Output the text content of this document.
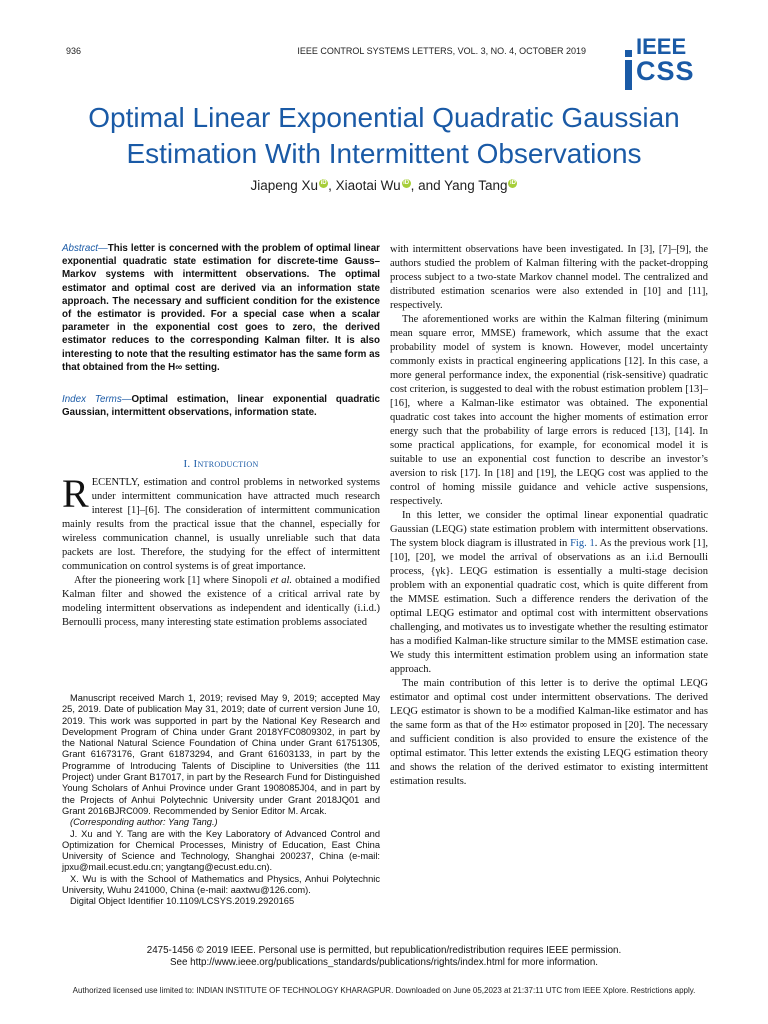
936	IEEE CONTROL SYSTEMS LETTERS, VOL. 3, NO. 4, OCTOBER 2019 IEEE
CSS
Optimal Linear Exponential Quadratic Gaussian
Estimation With Intermittent Observations
Jiapeng Xu iD , Xiaotai Wu iD , and Yang Tang iD
Abstract—This letter is concerned with the problem of optimal linear exponential quadratic state estimation for discrete-time Gauss–Markov systems with intermittent observations. The optimal estimator and optimal cost are derived via an information state approach. The necessary and sufficient condition for the existence of the estimator is provided. For a special case when a scalar parameter in the exponential cost goes to zero, the derived estimator reduces to the corresponding Kalman filter. It is also interesting to note that the resulting estimator has the same form as that obtained from the H∞ setting.
Index Terms—Optimal estimation, linear exponential quadratic Gaussian, intermittent observations, information state.
I. Introduction

RECENTLY, estimation and control problems in networked systems under intermittent communication have attracted much research interest [1]–[6]. The consideration of intermittent communication mainly results from the practical issue that the channel, especially for wireless communication channel, is usually unreliable such that data packets are lost. Therefore, the studying for the effect of intermittent communication on control systems is of great importance.

After the pioneering work [1] where Sinopoli et al. obtained a modified Kalman filter and showed the existence of a critical arrival rate by modeling intermittent observations as independent and identically (i.i.d.) Bernoulli process, many interesting state estimation problems associated

Manuscript received March 1, 2019; revised May 9, 2019; accepted May 25, 2019. Date of publication May 31, 2019; date of current version June 10, 2019. This work was supported in part by the National Key Research and Development Program of China under Grant 2018YFC0809302, in part by the National Natural Science Foundation of China under Grant 61751305, Grant 61673176, Grant 61873294, and Grant 61603133, in part by the Programme of Introducing Talents of Discipline to Universities (the 111 Project) under Grant B17017, in part by the Research Fund for Distinguished Young Scholars of Anhui Province under Grant 1908085J04, and in part by the Projects of Anhui Polytechnic University under Grant 2018JQ01 and Grant 2016BJRC009. Recommended by Senior Editor M. Arcak.

(Corresponding author: Yang Tang.)

J. Xu and Y. Tang are with the Key Laboratory of Advanced Control and Optimization for Chemical Processes, Ministry of Education, East China University of Science and Technology, Shanghai 200237, China (e-mail: jpxu@mail.ecust.edu.cn; yangtang@ecust.edu.cn).

X. Wu is with the School of Mathematics and Physics, Anhui Polytechnic University, Wuhu 241000, China (e-mail: aaxtwu@126.com).

Digital Object Identifier 10.1109/LCSYS.2019.2920165

with intermittent observations have been investigated. In [3], [7]–[9], the authors studied the problem of Kalman filtering with the packet-dropping process subject to a two-state Markov channel model. The centralized and distributed estimation scenarios were also extended in [10] and [11], respectively.

The aforementioned works are within the Kalman filtering (minimum mean square error, MMSE) framework, which assume that the exact probability model of system is known. However, model uncertainty commonly exists in practical engineering applications [12]. In this case, a more general performance index, the exponential (risk-sensitive) quadratic cost criterion, is suggested to deal with the robust estimation problem [13]–[16], where a Kalman-like estimator was obtained. The exponential quadratic cost takes into account the higher moments of estimation error energy such that the probability of large errors is reduced [13], [14]. In some practical applications, for example, for economical model it is suitable to use an exponential cost function to describe an investor’s aversion to risk [17]. In [18] and [19], the LEQG cost was applied to the control of homing missile guidance and vehicle active suspensions, respectively.

In this letter, we consider the optimal linear exponential quadratic Gaussian (LEQG) state estimation problem with intermittent observations. The system block diagram is illustrated in Fig. 1. As the previous work [1], [10], [20], we model the arrival of observations as an i.i.d Bernoulli process, {γk}. LEQG estimation is essentially a multi-stage decision problem with an exponential quadratic cost, which is quite different from the MMSE estimation. Such a difference renders the derivation of the optimal LEQG estimator and optimal cost with intermittent observations challenging, and motivates us to investigate whether the resulting estimator has a modified Kalman-like structure similar to the MMSE estimation case. We study this intermittent estimation problem using an information state approach.

The main contribution of this letter is to derive the optimal LEQG estimator and optimal cost under intermittent observations. The derived LEQG estimator is shown to be a modified Kalman-like estimator and has the same form as that of the H∞ estimator proposed in [20]. The necessary and sufficient condition is also provided to ensure the existence of the optimal estimator. This letter extends the existing LEQG estimation theory and shows the relation of the derived estimator to existing intermittent estimation results.

2475-1456 © 2019 IEEE. Personal use is permitted, but republication/redistribution requires IEEE permission.
See http://www.ieee.org/publications_standards/publications/rights/index.html for more information.
Authorized licensed use limited to: INDIAN INSTITUTE OF TECHNOLOGY KHARAGPUR. Downloaded on June 05,2023 at 21:37:11 UTC from IEEE Xplore. Restrictions apply.
